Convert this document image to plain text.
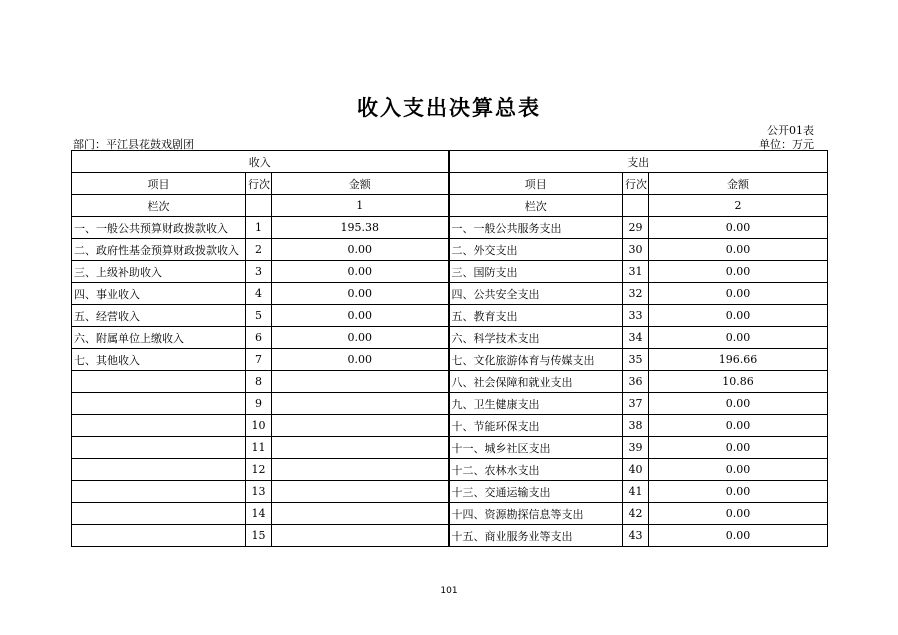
收入支出决算总表
公开01表
部门：平江县花鼓戏剧团	单位：万元
收入			支出		
项目	行次	金额	项目	行次	金额
栏次		1	栏次		2
一、一般公共预算财政拨款收入	1	195.38	一、一般公共服务支出	29	0.00
二、政府性基金预算财政拨款收入	2	0.00	二、外交支出	30	0.00
三、上级补助收入	3	0.00	三、国防支出	31	0.00
四、事业收入	4	0.00	四、公共安全支出	32	0.00
五、经营收入	5	0.00	五、教育支出	33	0.00
六、附属单位上缴收入	6	0.00	六、科学技术支出	34	0.00
七、其他收入	7	0.00	七、文化旅游体育与传媒支出	35	196.66
	8		八、社会保障和就业支出	36	10.86
	9		九、卫生健康支出	37	0.00
	10		十、节能环保支出	38	0.00
	11		十一、城乡社区支出	39	0.00
	12		十二、农林水支出	40	0.00
	13		十三、交通运输支出	41	0.00
	14		十四、资源勘探信息等支出	42	0.00
	15		十五、商业服务业等支出	43	0.00
101
